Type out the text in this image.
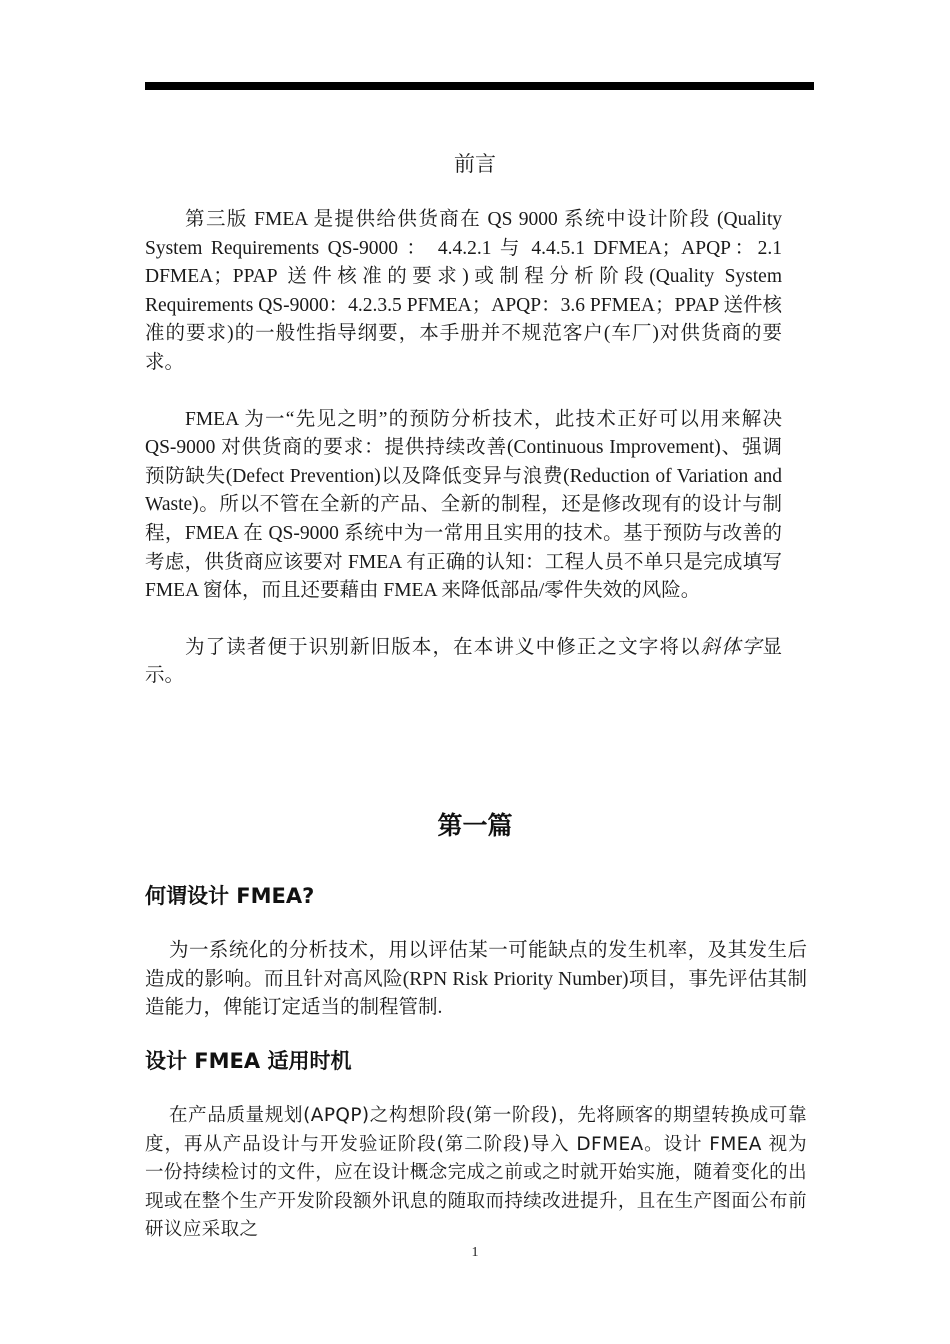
前言

第三版 FMEA 是提供给供货商在 QS 9000 系统中设计阶段 (Quality System Requirements QS-9000 ： 4.4.2.1 与 4.4.5.1 DFMEA；APQP：2.1 DFMEA；PPAP 送件核准的要求)或制程分析阶段(Quality System Requirements QS-9000：4.2.3.5 PFMEA；APQP：3.6 PFMEA；PPAP 送件核准的要求)的一般性指导纲要，本手册并不规范客户(车厂)对供货商的要求。

FMEA 为一“先见之明”的预防分析技术，此技术正好可以用来解决 QS-9000 对供货商的要求：提供持续改善(Continuous Improvement)、强调预防缺失(Defect Prevention)以及降低变异与浪费(Reduction of Variation and Waste)。所以不管在全新的产品、全新的制程，还是修改现有的设计与制程，FMEA 在 QS-9000 系统中为一常用且实用的技术。基于预防与改善的考虑，供货商应该要对 FMEA 有正确的认知：工程人员不单只是完成填写 FMEA 窗体，而且还要藉由 FMEA 来降低部品/零件失效的风险。

为了读者便于识别新旧版本，在本讲义中修正之文字将以斜体字显示。

第一篇
何谓设计 FMEA?

为一系统化的分析技术，用以评估某一可能缺点的发生机率，及其发生后造成的影响。而且针对高风险(RPN Risk Priority Number)项目，事先评估其制造能力，俾能订定适当的制程管制.

设计 FMEA 适用时机

在产品质量规划(APQP)之构想阶段(第一阶段)，先将顾客的期望转换成可靠度，再从产品设计与开发验证阶段(第二阶段)导入 DFMEA。设计 FMEA 视为一份持续检讨的文件，应在设计概念完成之前或之时就开始实施，随着变化的出现或在整个生产开发阶段额外讯息的随取而持续改进提升，且在生产图面公布前研议应采取之

1
